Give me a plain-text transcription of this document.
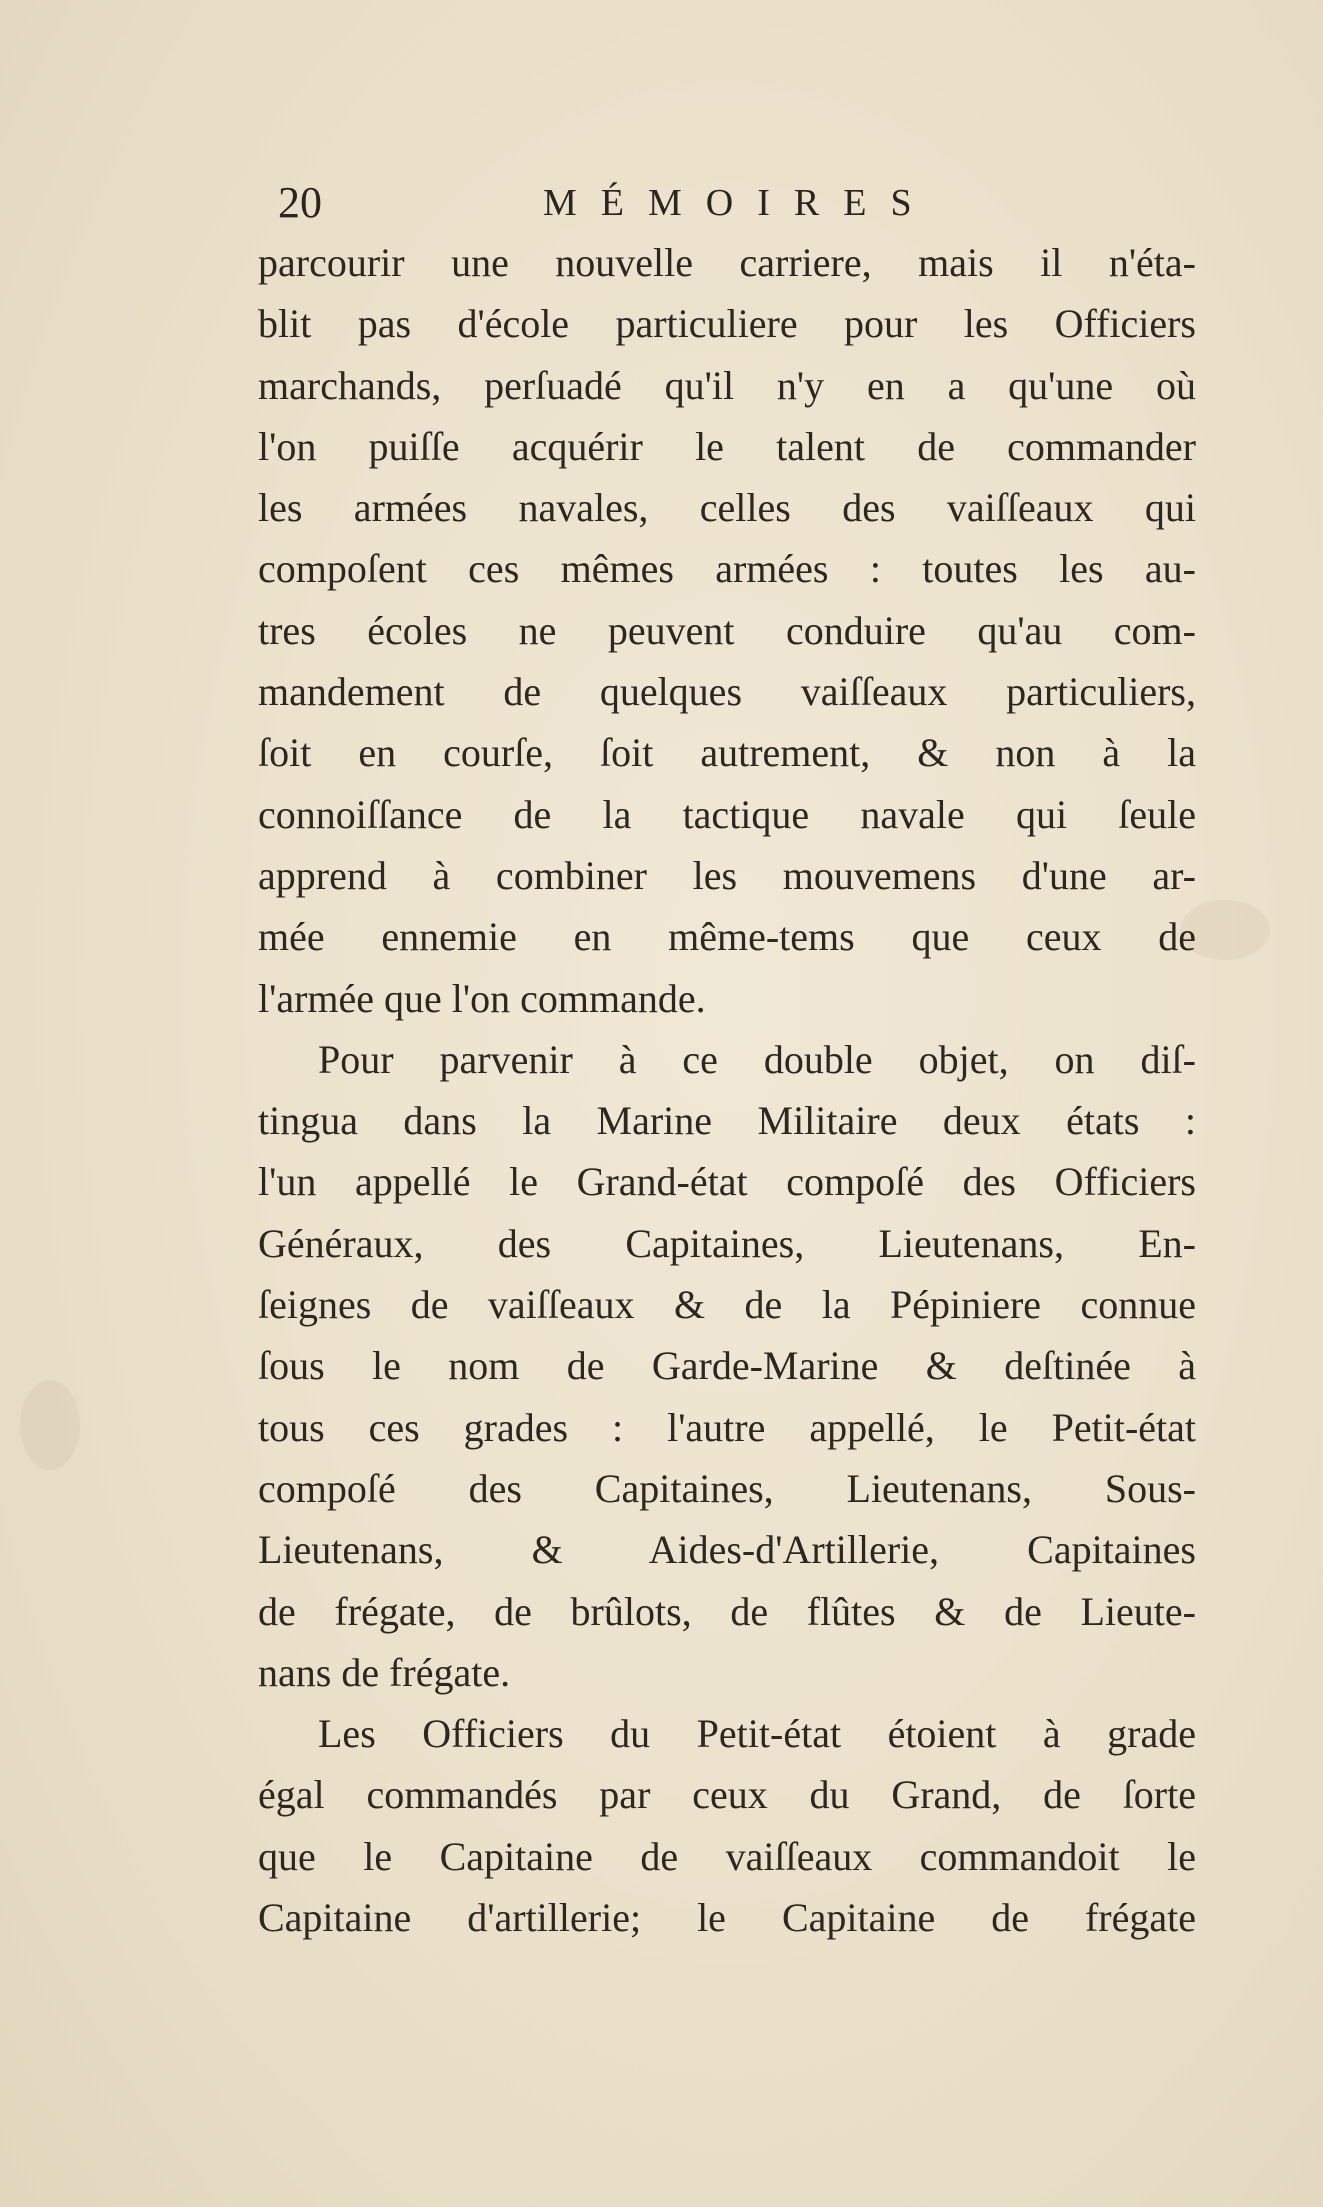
20	MÉMOIRES
parcourir une nouvelle carriere, mais il n'éta-
blit pas d'école particuliere pour les Officiers
marchands, perſuadé qu'il n'y en a qu'une où
l'on puiſſe acquérir le talent de commander
les armées navales, celles des vaiſſeaux qui
compoſent ces mêmes armées : toutes les au-
tres écoles ne peuvent conduire qu'au com-
mandement de quelques vaiſſeaux particuliers,
ſoit en courſe, ſoit autrement, & non à la
connoiſſance de la tactique navale qui ſeule
apprend à combiner les mouvemens d'une ar-
mée ennemie en même-tems que ceux de
l'armée que l'on commande.
Pour parvenir à ce double objet, on diſ-
tingua dans la Marine Militaire deux états :
l'un appellé le Grand-état compoſé des Officiers
Généraux, des Capitaines, Lieutenans, En-
ſeignes de vaiſſeaux & de la Pépiniere connue
ſous le nom de Garde-Marine & deſtinée à
tous ces grades : l'autre appellé, le Petit-état
compoſé des Capitaines, Lieutenans, Sous-
Lieutenans, & Aides-d'Artillerie, Capitaines
de frégate, de brûlots, de flûtes & de Lieute-
nans de frégate.
Les Officiers du Petit-état étoient à grade
égal commandés par ceux du Grand, de ſorte
que le Capitaine de vaiſſeaux commandoit le
Capitaine d'artillerie; le Capitaine de frégate
